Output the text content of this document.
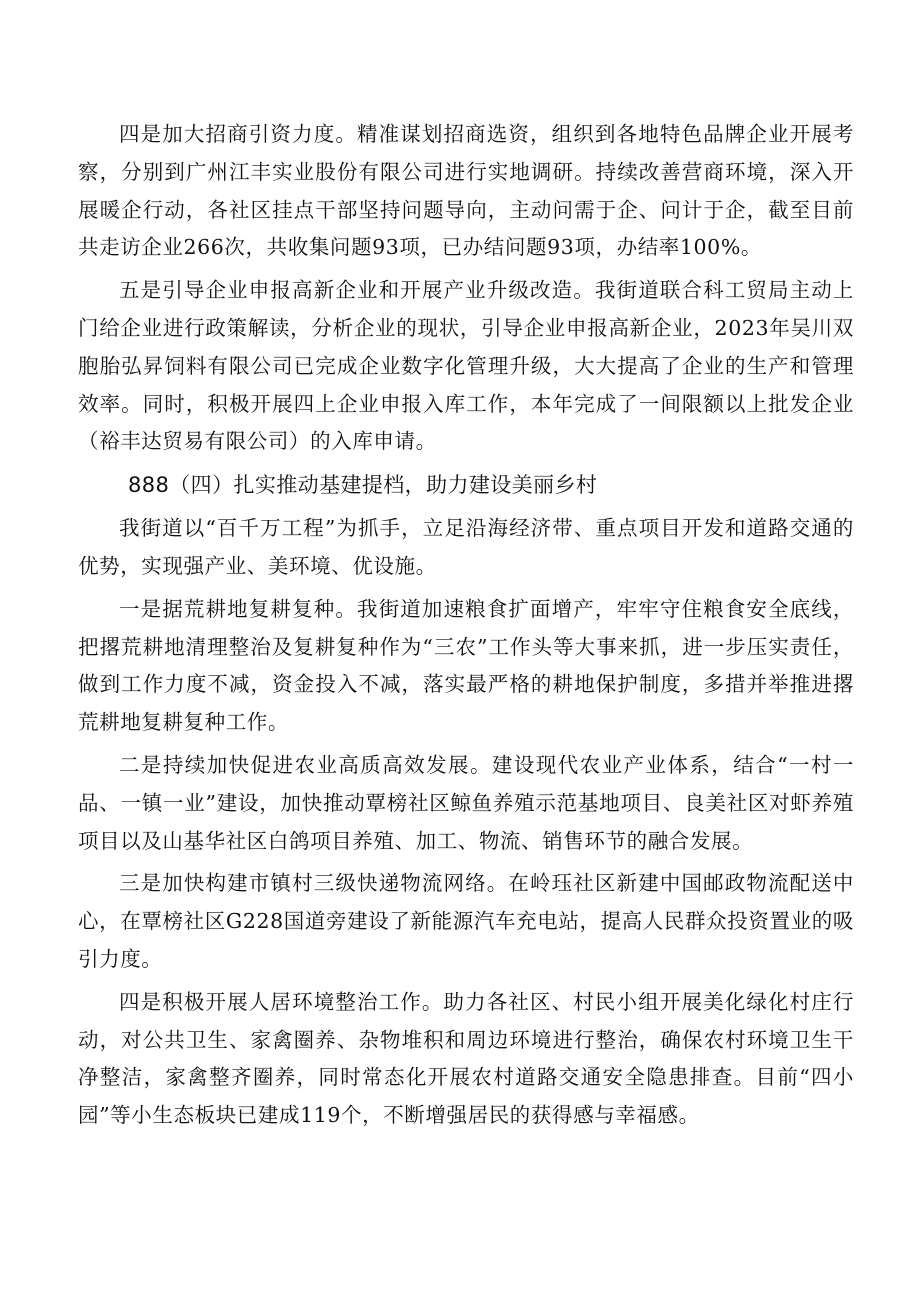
四是加大招商引资力度。精准谋划招商选资，组织到各地特色品牌企业开展考察，分别到广州江丰实业股份有限公司进行实地调研。持续改善营商环境，深入开展暖企行动，各社区挂点干部坚持问题导向，主动问需于企、问计于企，截至目前共走访企业266次，共收集问题93项，已办结问题93项，办结率100%。

五是引导企业申报高新企业和开展产业升级改造。我街道联合科工贸局主动上门给企业进行政策解读，分析企业的现状，引导企业申报高新企业，2023年吴川双胞胎弘昇饲料有限公司已完成企业数字化管理升级，大大提高了企业的生产和管理效率。同时，积极开展四上企业申报入库工作，本年完成了一间限额以上批发企业（裕丰达贸易有限公司）的入库申请。

888（四）扎实推动基建提档，助力建设美丽乡村

我街道以“百千万工程”为抓手，立足沿海经济带、重点项目开发和道路交通的优势，实现强产业、美环境、优设施。

一是据荒耕地复耕复种。我街道加速粮食扩面增产，牢牢守住粮食安全底线，把撂荒耕地清理整治及复耕复种作为“三农”工作头等大事来抓，进一步压实责任，做到工作力度不减，资金投入不减，落实最严格的耕地保护制度，多措并举推进撂荒耕地复耕复种工作。

二是持续加快促进农业高质高效发展。建设现代农业产业体系，结合“一村一品、一镇一业”建设，加快推动覃榜社区鲸鱼养殖示范基地项目、良美社区对虾养殖项目以及山基华社区白鸽项目养殖、加工、物流、销售环节的融合发展。

三是加快构建市镇村三级快递物流网络。在岭珏社区新建中国邮政物流配送中心，在覃榜社区G228国道旁建设了新能源汽车充电站，提高人民群众投资置业的吸引力度。

四是积极开展人居环境整治工作。助力各社区、村民小组开展美化绿化村庄行动，对公共卫生、家禽圈养、杂物堆积和周边环境进行整治，确保农村环境卫生干净整洁，家禽整齐圈养，同时常态化开展农村道路交通安全隐患排查。目前“四小园”等小生态板块已建成119个，不断增强居民的获得感与幸福感。
